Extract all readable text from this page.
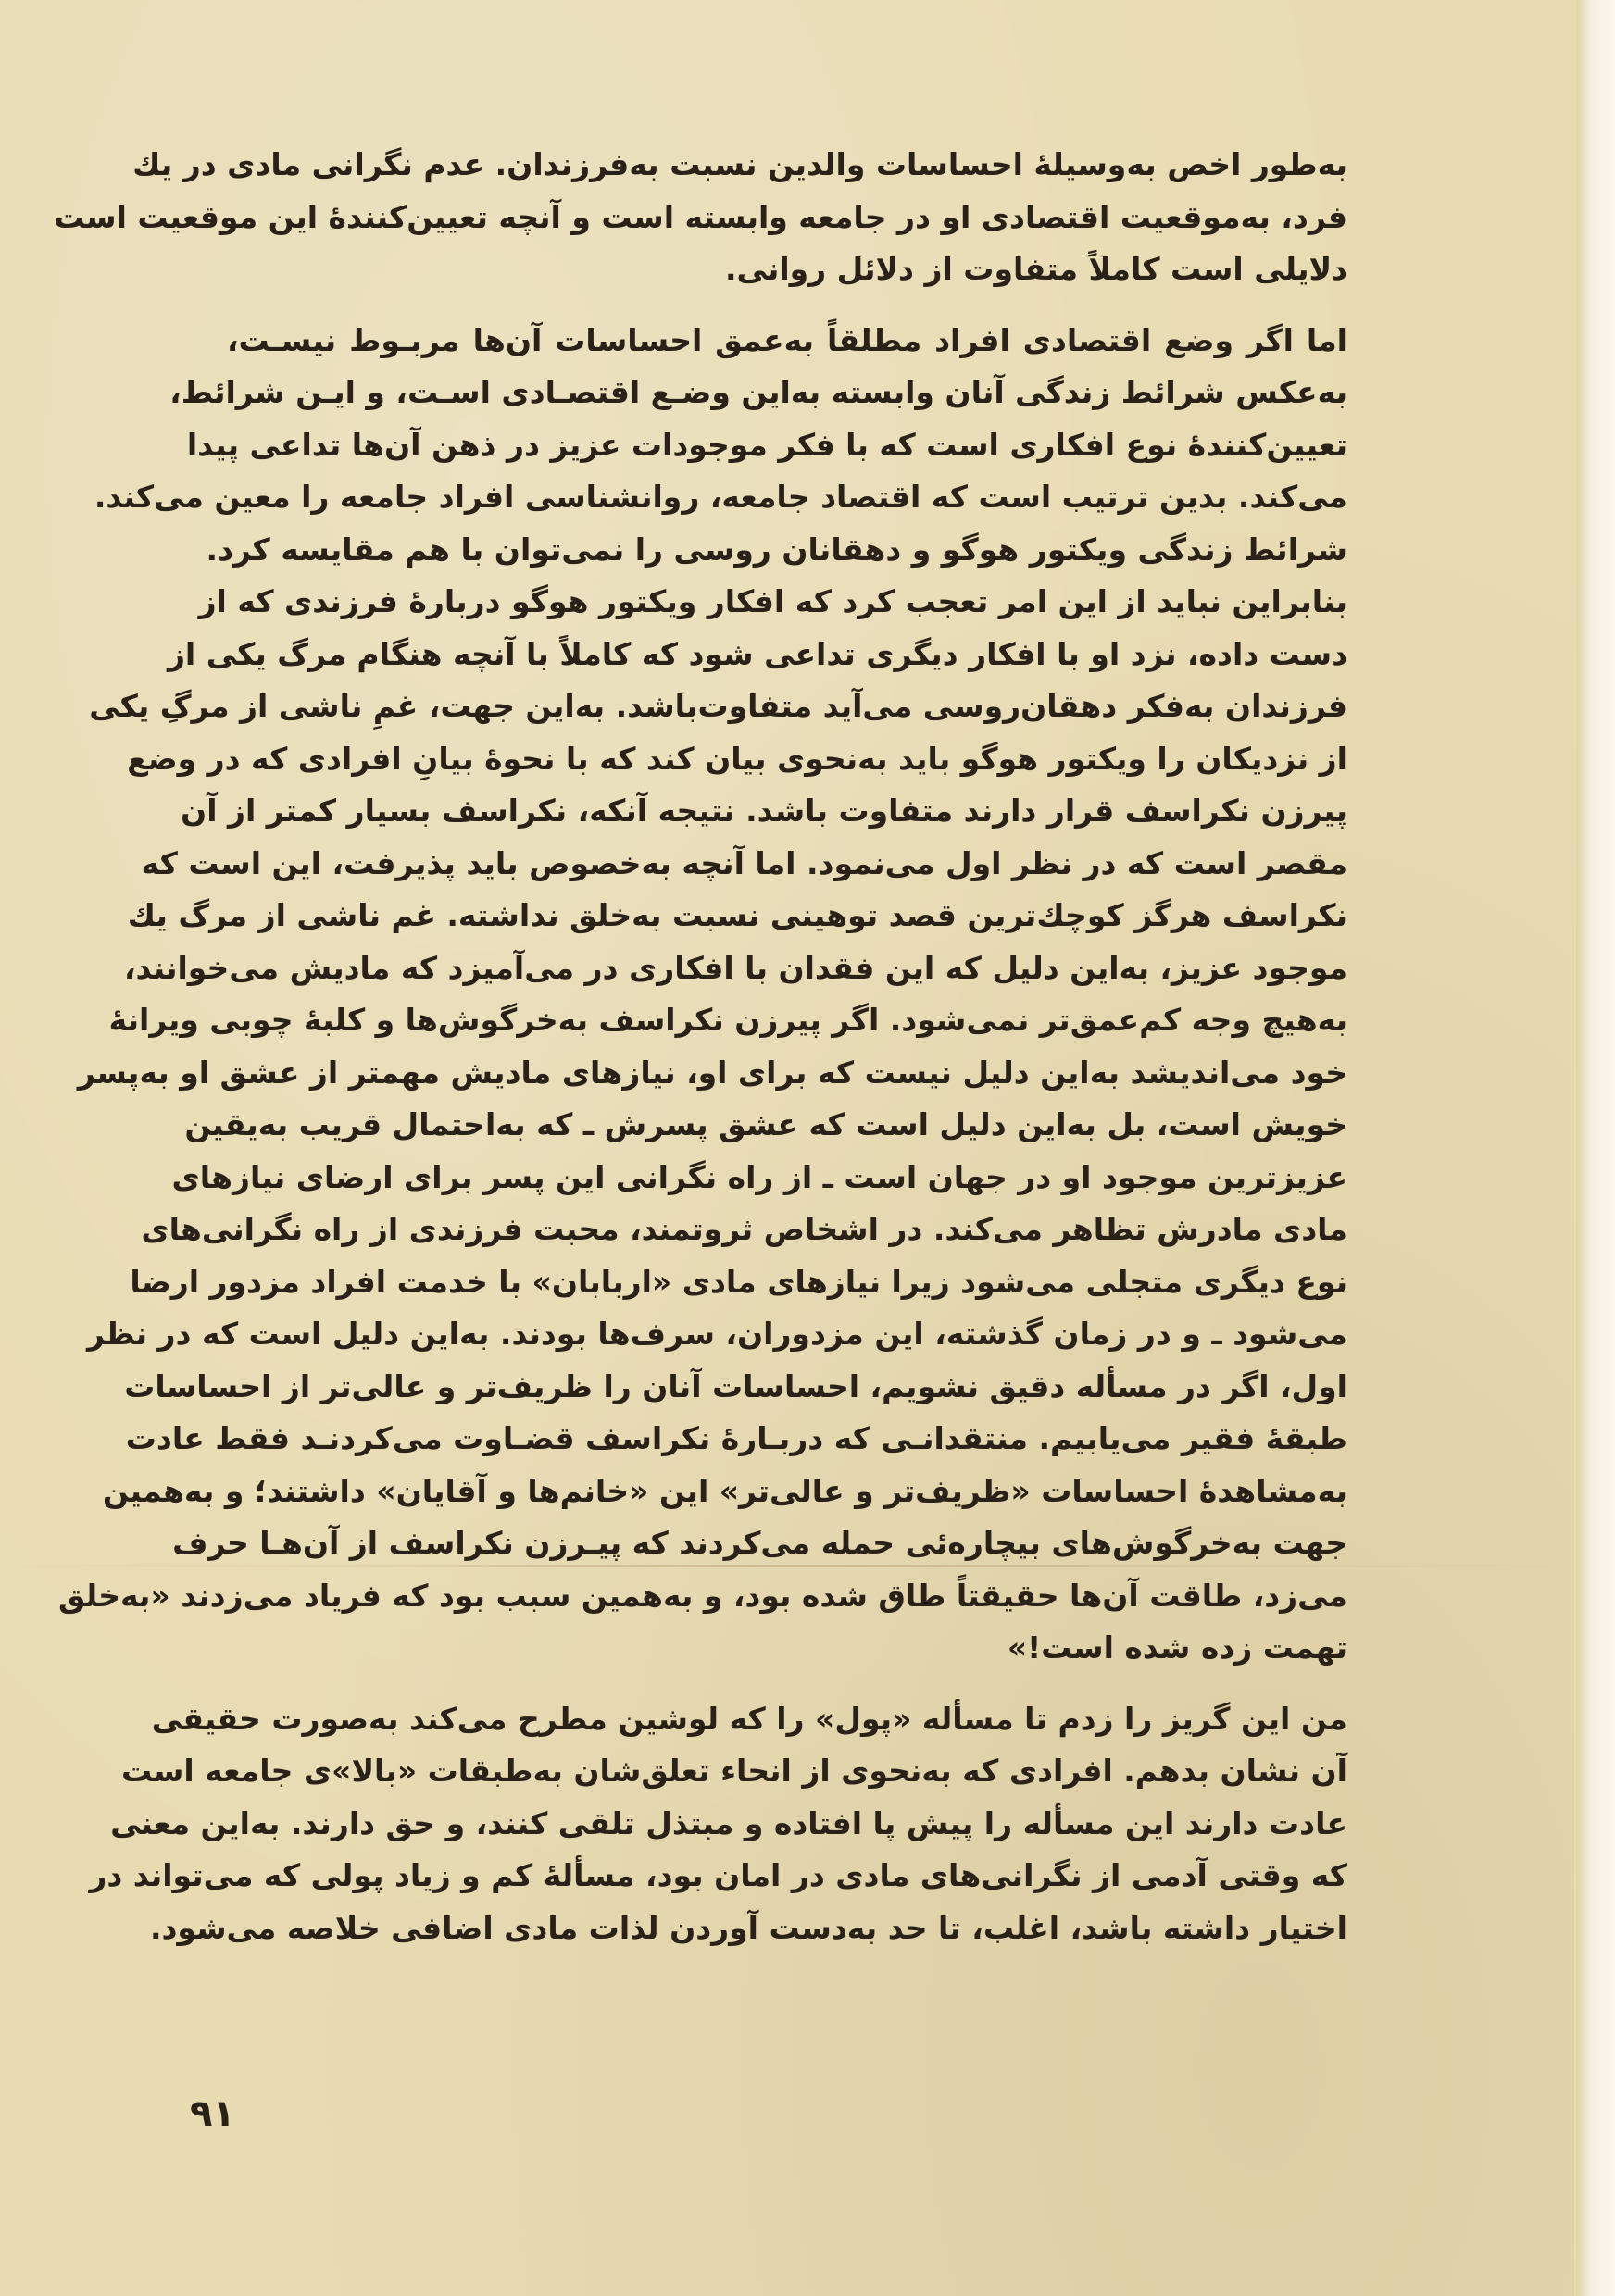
به‌طور اخص به‌وسیلهٔ احساسات والدین نسبت به‌فرزندان. عدم نگرانی مادی در یك
فرد، به‌موقعیت اقتصادی او در جامعه وابسته است و آنچه تعیین‌کنندهٔ این موقعیت است
دلایلی است کاملاً متفاوت از دلائل روانی.
اما اگر وضع اقتصادی افراد مطلقاً به‌عمق احساسات آن‌ها مربـوط نیسـت،
به‌عکس شرائط زندگی آنان وابسته به‌این وضـع اقتصـادی اسـت، و ایـن شرائط،
تعیین‌کنندهٔ نوع افکاری است که با فکر موجودات عزیز در ذهن آن‌ها تداعی پیدا
می‌کند. بدین ترتیب است که اقتصاد جامعه، روانشناسی افراد جامعه را معین می‌کند.
شرائط زندگی ویکتور هوگو و دهقانان روسی را نمی‌توان با هم مقایسه کرد.
بنابراین نباید از این امر تعجب کرد که افکار ویکتور هوگو دربارهٔ فرزندی که از
دست داده، نزد او با افکار دیگری تداعی شود که کاملاً با آنچه هنگام مرگ یکی از
فرزندان به‌فکر دهقان‌روسی می‌آید متفاوت‌باشد. به‌این جهت، غمِ ناشی از مرگِ یکی
از نزدیکان را ویکتور هوگو باید به‌نحوی بیان کند که با نحوهٔ بیانِ افرادی که در وضع
پیرزن نکراسف قرار دارند متفاوت باشد. نتیجه آنکه، نکراسف بسیار کمتر از آن
مقصر است که در نظر اول می‌نمود. اما آنچه به‌خصوص باید پذیرفت، این است که
نکراسف هرگز کوچك‌ترین قصد توهینی نسبت به‌خلق نداشته. غم ناشی از مرگ یك
موجود عزیز، به‌این دلیل که این فقدان با افکاری در می‌آمیزد که مادیش می‌خوانند،
به‌هیچ وجه کم‌عمق‌تر نمی‌شود. اگر پیرزن نکراسف به‌خرگوش‌ها و کلبهٔ چوبی ویرانهٔ
خود می‌اندیشد به‌این دلیل نیست که برای او، نیازهای مادیش مهمتر از عشق او به‌پسر
خویش است، بل به‌این دلیل است که عشق پسرش ـ که به‌احتمال قریب به‌یقین
عزیزترین موجود او در جهان است ـ از راه نگرانی این پسر برای ارضای نیازهای
مادی مادرش تظاهر می‌کند. در اشخاص ثروتمند، محبت فرزندی از راه نگرانی‌های
نوع دیگری متجلی می‌شود زیرا نیازهای مادی «اربابان» با خدمت افراد مزدور ارضا
می‌شود ـ و در زمان گذشته، این مزدوران، سرف‌ها بودند. به‌این دلیل است که در نظر
اول، اگر در مسأله دقیق نشویم، احساسات آنان را ظریف‌تر و عالی‌تر از احساسات
طبقهٔ فقیر می‌یابیم. منتقدانـی که دربـارهٔ نکراسف قضـاوت می‌کردنـد فقط عادت
به‌مشاهدهٔ احساسات «ظریف‌تر و عالی‌تر» این «خانم‌ها و آقایان» داشتند؛ و به‌همین
جهت به‌خرگوش‌های بیچاره‌ئی حمله می‌کردند که پیـرزن نکراسف از آن‌هـا حرف
می‌زد، طاقت آن‌ها حقیقتاً طاق شده بود، و به‌همین سبب بود که فریاد می‌زدند «به‌خلق
تهمت زده شده است!»
من این گریز را زدم تا مسأله «پول» را که لوشین مطرح می‌کند به‌صورت حقیقی
آن نشان بدهم. افرادی که به‌نحوی از انحاء تعلق‌شان به‌طبقات «بالا»ی جامعه است
عادت دارند این مسأله را پیش پا افتاده و مبتذل تلقی کنند، و حق دارند. به‌این معنی
که وقتی آدمی از نگرانی‌های مادی در امان بود، مسألهٔ کم و زیاد پولی که می‌تواند در
اختیار داشته باشد، اغلب، تا حد به‌دست آوردن لذات مادی اضافی خلاصه می‌شود.
۹۱
